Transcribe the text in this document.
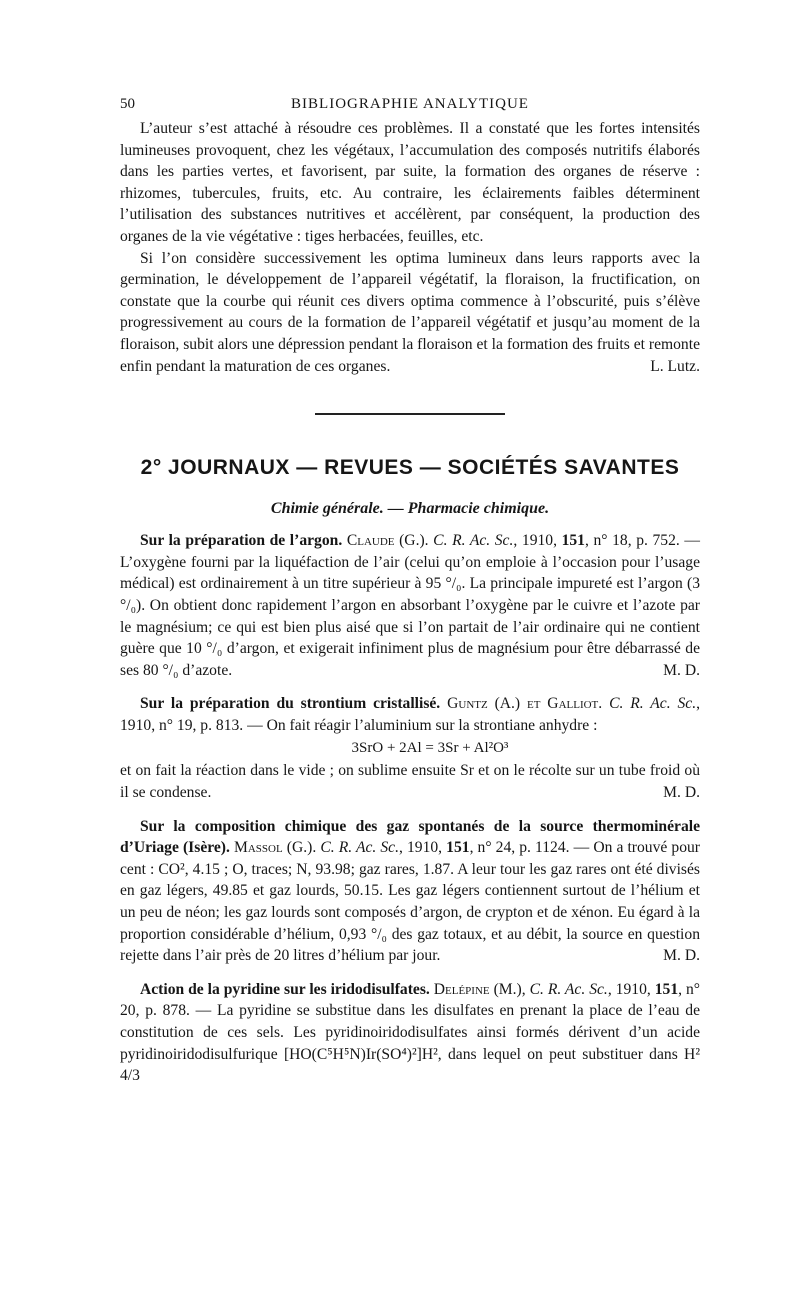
50	BIBLIOGRAPHIE ANALYTIQUE

L’auteur s’est attaché à résoudre ces problèmes. Il a constaté que les fortes intensités lumineuses provoquent, chez les végétaux, l’accumulation des composés nutritifs élaborés dans les parties vertes, et favorisent, par suite, la formation des organes de réserve : rhizomes, tubercules, fruits, etc. Au contraire, les éclairements faibles déterminent l’utilisation des substances nutritives et accélèrent, par conséquent, la production des organes de la vie végétative : tiges herbacées, feuilles, etc.

Si l’on considère successivement les optima lumineux dans leurs rapports avec la germination, le développement de l’appareil végétatif, la floraison, la fructification, on constate que la courbe qui réunit ces divers optima commence à l’obscurité, puis s’élève progressivement au cours de la formation de l’appareil végétatif et jusqu’au moment de la floraison, subit alors une dépression pendant la floraison et la formation des fruits et remonte enfin pendant la maturation de ces organes.	L. Lutz.

2° JOURNAUX — REVUES — SOCIÉTÉS SAVANTES
Chimie générale. — Pharmacie chimique.

Sur la préparation de l’argon. Claude (G.). C. R. Ac. Sc., 1910, 151, n° 18, p. 752. — L’oxygène fourni par la liquéfaction de l’air (celui qu’on emploie à l’occasion pour l’usage médical) est ordinairement à un titre supérieur à 95 °/₀. La principale impureté est l’argon (3 °/₀). On obtient donc rapidement l’argon en absorbant l’oxygène par le cuivre et l’azote par le magnésium; ce qui est bien plus aisé que si l’on partait de l’air ordinaire qui ne contient guère que 10 °/₀ d’argon, et exigerait infiniment plus de magnésium pour être débarrassé de ses 80 °/₀ d’azote.	M. D.

Sur la préparation du strontium cristallisé. Guntz (A.) et Galliot. C. R. Ac. Sc., 1910, n° 19, p. 813. — On fait réagir l’aluminium sur la strontiane anhydre :

3SrO + 2Al = 3Sr + Al²O³

et on fait la réaction dans le vide ; on sublime ensuite Sr et on le récolte sur un tube froid où il se condense.	M. D.

Sur la composition chimique des gaz spontanés de la source thermominérale d’Uriage (Isère). Massol (G.). C. R. Ac. Sc., 1910, 151, n° 24, p. 1124. — On a trouvé pour cent : CO², 4.15 ; O, traces; N, 93.98; gaz rares, 1.87. A leur tour les gaz rares ont été divisés en gaz légers, 49.85 et gaz lourds, 50.15. Les gaz légers contiennent surtout de l’hélium et un peu de néon; les gaz lourds sont composés d’argon, de crypton et de xénon. Eu égard à la proportion considérable d’hélium, 0,93 °/₀ des gaz totaux, et au débit, la source en question rejette dans l’air près de 20 litres d’hélium par jour.	M. D.

Action de la pyridine sur les iridodisulfates. Delépine (M.), C. R. Ac. Sc., 1910, 151, n° 20, p. 878. — La pyridine se substitue dans les disulfates en prenant la place de l’eau de constitution de ces sels. Les pyridinoiridodisulfates ainsi formés dérivent d’un acide pyridinoiridodisulfurique [HO(C⁵H⁵N)Ir(SO⁴)²]H², dans lequel on peut substituer dans H² 4/3
